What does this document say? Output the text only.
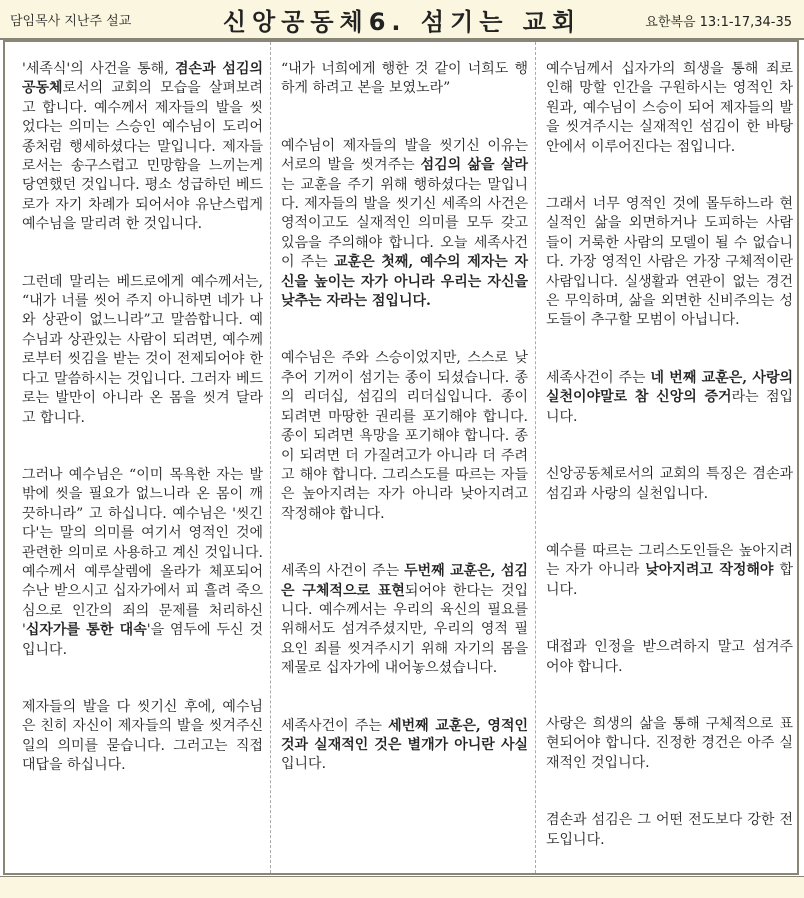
담임목사 지난주 설교	신앙공동체6. 섬기는 교회	요한복음 13:1-17,34-35

'세족식'의 사건을 통해, 겸손과 섬김의 공동체로서의 교회의 모습을 살펴보려고 합니다. 예수께서 제자들의 발을 씻었다는 의미는 스승인 예수님이 도리어 종처럼 행세하셨다는 말입니다. 제자들로서는 송구스럽고 민망함을 느끼는게 당연했던 것입니다. 평소 성급하던 베드로가 자기 차례가 되어서야 유난스럽게 예수님을 말리려 한 것입니다.

그런데 말리는 베드로에게 예수께서는, “내가 너를 씻어 주지 아니하면 네가 나와 상관이 없느니라”고 말씀합니다. 예수님과 상관있는 사람이 되려면, 예수께로부터 씻김을 받는 것이 전제되어야 한다고 말씀하시는 것입니다. 그러자 베드로는 발만이 아니라 온 몸을 씻겨 달라고 합니다.

그러나 예수님은 “이미 목욕한 자는 발밖에 씻을 필요가 없느니라 온 몸이 깨끗하니라” 고 하십니다. 예수님은 '씻긴다'는 말의 의미를 여기서 영적인 것에 관련한 의미로 사용하고 계신 것입니다. 예수께서 예루살렘에 올라가 체포되어 수난 받으시고 십자가에서 피 흘려 죽으심으로 인간의 죄의 문제를 처리하신 '십자가를 통한 대속'을 염두에 두신 것입니다.

제자들의 발을 다 씻기신 후에, 예수님은 친히 자신이 제자들의 발을 씻겨주신 일의 의미를 묻습니다. 그러고는 직접 대답을 하십니다.

“내가 너희에게 행한 것 같이 너희도 행하게 하려고 본을 보였노라”

예수님이 제자들의 발을 씻기신 이유는 서로의 발을 씻겨주는 섬김의 삶을 살라는 교훈을 주기 위해 행하셨다는 말입니다. 제자들의 발을 씻기신 세족의 사건은 영적이고도 실재적인 의미를 모두 갖고 있음을 주의해야 합니다. 오늘 세족사건이 주는 교훈은 첫째, 예수의 제자는 자신을 높이는 자가 아니라 우리는 자신을 낮추는 자라는 점입니다.

예수님은 주와 스승이었지만, 스스로 낮추어 기꺼이 섬기는 종이 되셨습니다. 종의 리더십, 섬김의 리더십입니다. 종이 되려면 마땅한 권리를 포기해야 합니다. 종이 되려면 욕망을 포기해야 합니다. 종이 되려면 더 가질려고가 아니라 더 주려고 해야 합니다. 그리스도를 따르는 자들은 높아지려는 자가 아니라 낮아지려고 작정해야 합니다.

세족의 사건이 주는 두번째 교훈은, 섬김은 구체적으로 표현되어야 한다는 것입니다. 예수께서는 우리의 육신의 필요를 위해서도 섬겨주셨지만, 우리의 영적 필요인 죄를 씻겨주시기 위해 자기의 몸을 제물로 십자가에 내어놓으셨습니다.

세족사건이 주는 세번째 교훈은, 영적인 것과 실재적인 것은 별개가 아니란 사실입니다.

예수님께서 십자가의 희생을 통해 죄로 인해 망할 인간을 구원하시는 영적인 차원과, 예수님이 스승이 되어 제자들의 발을 씻겨주시는 실재적인 섬김이 한 바탕 안에서 이루어진다는 점입니다.

그래서 너무 영적인 것에 몰두하느라 현실적인 삶을 외면하거나 도피하는 사람들이 거룩한 사람의 모델이 될 수 없습니다. 가장 영적인 사람은 가장 구체적이란 사람입니다. 실생활과 연관이 없는 경건은 무익하며, 삶을 외면한 신비주의는 성도들이 추구할 모범이 아닙니다.

세족사건이 주는 네 번째 교훈은, 사랑의 실천이야말로 참 신앙의 증거라는 점입니다.

신앙공동체로서의 교회의 특징은 겸손과 섬김과 사랑의 실천입니다.

예수를 따르는 그리스도인들은 높아지려는 자가 아니라 낮아지려고 작정해야 합니다.

대접과 인정을 받으려하지 말고 섬겨주어야 합니다.

사랑은 희생의 삶을 통해 구체적으로 표현되어야 합니다. 진정한 경건은 아주 실재적인 것입니다.

겸손과 섬김은 그 어떤 전도보다 강한 전도입니다.
